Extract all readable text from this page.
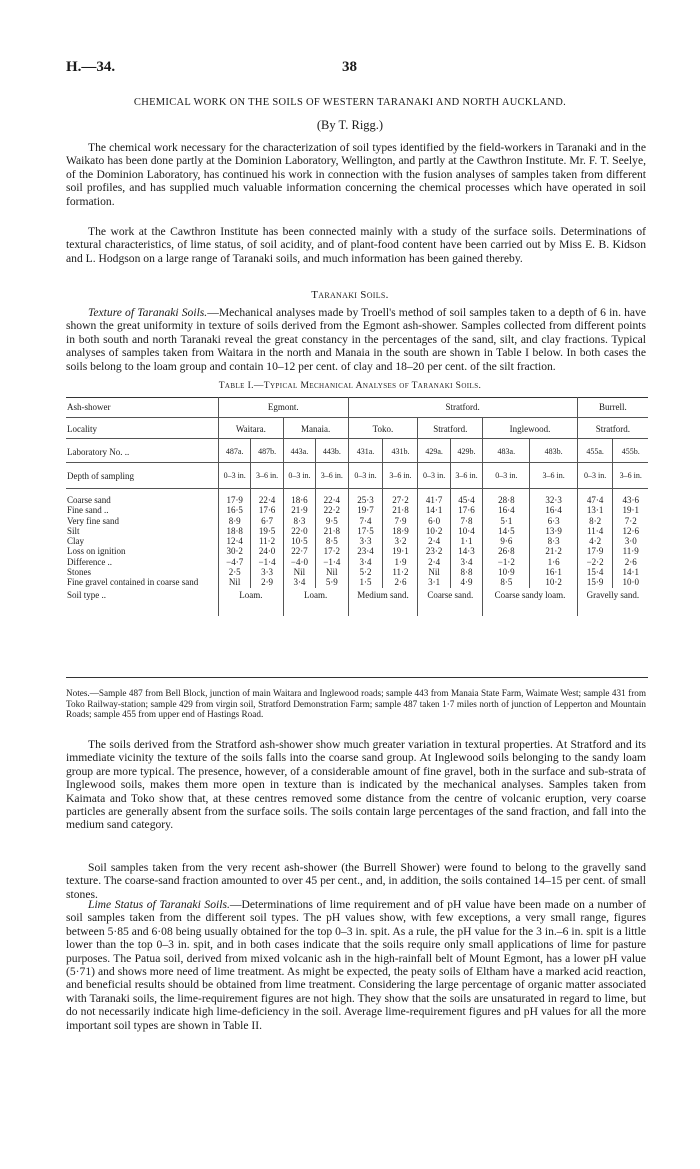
H.—34.	38
CHEMICAL WORK ON THE SOILS OF WESTERN TARANAKI AND NORTH AUCKLAND.
(By T. Rigg.)

The chemical work necessary for the characterization of soil types identified by the field-workers in Taranaki and in the Waikato has been done partly at the Dominion Laboratory, Wellington, and partly at the Cawthron Institute. Mr. F. T. Seelye, of the Dominion Laboratory, has continued his work in connection with the fusion analyses of samples taken from different soil profiles, and has supplied much valuable information concerning the chemical processes which have operated in soil formation.

The work at the Cawthron Institute has been connected mainly with a study of the surface soils. Determinations of textural characteristics, of lime status, of soil acidity, and of plant-food content have been carried out by Miss E. B. Kidson and L. Hodgson on a large range of Taranaki soils, and much information has been gained thereby.

Taranaki Soils.

Texture of Taranaki Soils.—Mechanical analyses made by Troell's method of soil samples taken to a depth of 6 in. have shown the great uniformity in texture of soils derived from the Egmont ash-shower. Samples collected from different points in both south and north Taranaki reveal the great constancy in the percentages of the sand, silt, and clay fractions. Typical analyses of samples taken from Waitara in the north and Manaia in the south are shown in Table I below. In both cases the soils belong to the loam group and contain 10–12 per cent. of clay and 18–20 per cent. of the silt fraction.

Table I.—Typical Mechanical Analyses of Taranaki Soils.
Ash-shower	Egmont.				Stratford.						Burrell.	
Locality	Waitara.		Manaia.		Toko.		Stratford.		Inglewood.		Stratford.	
Laboratory No. ..	487a.	487b.	443a.	443b.	431a.	431b.	429a.	429b.	483a.	483b.	455a.	455b.
Depth of sampling	0–3 in.	3–6 in.	0–3 in.	3–6 in.	0–3 in.	3–6 in.	0–3 in.	3–6 in.	0–3 in.	3–6 in.	0–3 in.	3–6 in.
Coarse sand	17·9	22·4	18·6	22·4	25·3	27·2	41·7	45·4	28·8	32·3	47·4	43·6
Fine sand ..	16·5	17·6	21·9	22·2	19·7	21·8	14·1	17·6	16·4	16·4	13·1	19·1
Very fine sand	8·9	6·7	8·3	9·5	7·4	7·9	6·0	7·8	5·1	6·3	8·2	7·2
Silt	18·8	19·5	22·0	21·8	17·5	18·9	10·2	10·4	14·5	13·9	11·4	12·6
Clay	12·4	11·2	10·5	8·5	3·3	3·2	2·4	1·1	9·6	8·3	4·2	3·0
Loss on ignition	30·2	24·0	22·7	17·2	23·4	19·1	23·2	14·3	26·8	21·2	17·9	11·9
Difference ..	−4·7	−1·4	−4·0	−1·4	3·4	1·9	2·4	3·4	−1·2	1·6	−2·2	2·6
Stones	2·5	3·3	Nil	Nil	5·2	11·2	Nil	8·8	10·9	16·1	15·4	14·1
Fine gravel contained in coarse sand	Nil	2·9	3·4	5·9	1·5	2·6	3·1	4·9	8·5	10·2	15·9	10·0
Soil type ..	Loam.		Loam.		Medium sand.		Coarse sand.		Coarse sandy loam.		Gravelly sand.	
Notes.—Sample 487 from Bell Block, junction of main Waitara and Inglewood roads; sample 443 from Manaia State Farm, Waimate West; sample 431 from Toko Railway-station; sample 429 from virgin soil, Stratford Demonstration Farm; sample 487 taken 1·7 miles north of junction of Lepperton and Mountain Roads; sample 455 from upper end of Hastings Road.

The soils derived from the Stratford ash-shower show much greater variation in textural properties. At Stratford and its immediate vicinity the texture of the soils falls into the coarse sand group. At Inglewood soils belonging to the sandy loam group are more typical. The presence, however, of a considerable amount of fine gravel, both in the surface and sub-strata of Inglewood soils, makes them more open in texture than is indicated by the mechanical analyses. Samples taken from Kaimata and Toko show that, at these centres removed some distance from the centre of volcanic eruption, very coarse particles are generally absent from the surface soils. The soils contain large percentages of the sand fraction, and fall into the medium sand category.

Soil samples taken from the very recent ash-shower (the Burrell Shower) were found to belong to the gravelly sand texture. The coarse-sand fraction amounted to over 45 per cent., and, in addition, the soils contained 14–15 per cent. of small stones.

Lime Status of Taranaki Soils.—Determinations of lime requirement and of pH value have been made on a number of soil samples taken from the different soil types. The pH values show, with few exceptions, a very small range, figures between 5·85 and 6·08 being usually obtained for the top 0–3 in. spit. As a rule, the pH value for the 3 in.–6 in. spit is a little lower than the top 0–3 in. spit, and in both cases indicate that the soils require only small applications of lime for pasture purposes. The Patua soil, derived from mixed volcanic ash in the high-rainfall belt of Mount Egmont, has a lower pH value (5·71) and shows more need of lime treatment. As might be expected, the peaty soils of Eltham have a marked acid reaction, and beneficial results should be obtained from lime treatment. Considering the large percentage of organic matter associated with Taranaki soils, the lime-requirement figures are not high. They show that the soils are unsaturated in regard to lime, but do not necessarily indicate high lime-deficiency in the soil. Average lime-requirement figures and pH values for all the more important soil types are shown in Table II.
